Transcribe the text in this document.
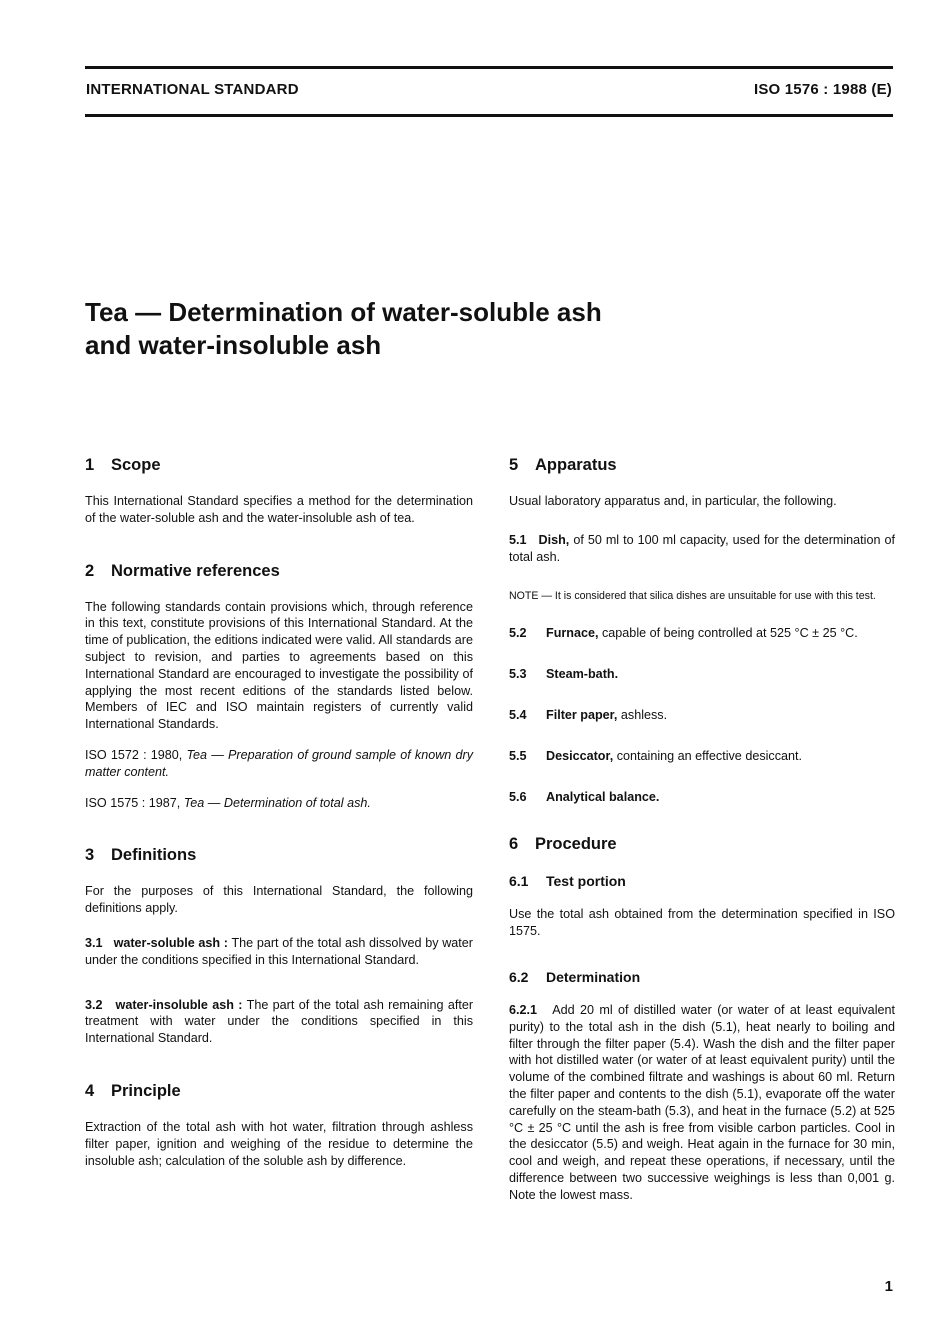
INTERNATIONAL STANDARD	ISO 1576 : 1988 (E)
Tea — Determination of water-soluble ash
and water-insoluble ash
1 Scope

This International Standard specifies a method for the determination of the water-soluble ash and the water-insoluble ash of tea.

2 Normative references

The following standards contain provisions which, through reference in this text, constitute provisions of this International Standard. At the time of publication, the editions indicated were valid. All standards are subject to revision, and parties to agreements based on this International Standard are encouraged to investigate the possibility of applying the most recent editions of the standards listed below. Members of IEC and ISO maintain registers of currently valid International Standards.

ISO 1572 : 1980, Tea — Preparation of ground sample of known dry matter content.

ISO 1575 : 1987, Tea — Determination of total ash.

3 Definitions

For the purposes of this International Standard, the following definitions apply.

3.1 water-soluble ash : The part of the total ash dissolved by water under the conditions specified in this International Standard.

3.2 water-insoluble ash : The part of the total ash remaining after treatment with water under the conditions specified in this International Standard.

4 Principle

Extraction of the total ash with hot water, filtration through ashless filter paper, ignition and weighing of the residue to determine the insoluble ash; calculation of the soluble ash by difference.

5 Apparatus

Usual laboratory apparatus and, in particular, the following.

5.1 Dish, of 50 ml to 100 ml capacity, used for the determination of total ash.

NOTE — It is considered that silica dishes are unsuitable for use with this test.

5.2	Furnace, capable of being controlled at 525 °C ± 25 °C.
5.3	Steam-bath.
5.4	Filter paper, ashless.
5.5	Desiccator, containing an effective desiccant.
5.6	Analytical balance.
6 Procedure
6.1 Test portion

Use the total ash obtained from the determination specified in ISO 1575.

6.2 Determination

6.2.1 Add 20 ml of distilled water (or water of at least equivalent purity) to the total ash in the dish (5.1), heat nearly to boiling and filter through the filter paper (5.4). Wash the dish and the filter paper with hot distilled water (or water of at least equivalent purity) until the volume of the combined filtrate and washings is about 60 ml. Return the filter paper and contents to the dish (5.1), evaporate off the water carefully on the steam-bath (5.3), and heat in the furnace (5.2) at 525 °C ± 25 °C until the ash is free from visible carbon particles. Cool in the desiccator (5.5) and weigh. Heat again in the furnace for 30 min, cool and weigh, and repeat these operations, if necessary, until the difference between two successive weighings is less than 0,001 g. Note the lowest mass.

1
